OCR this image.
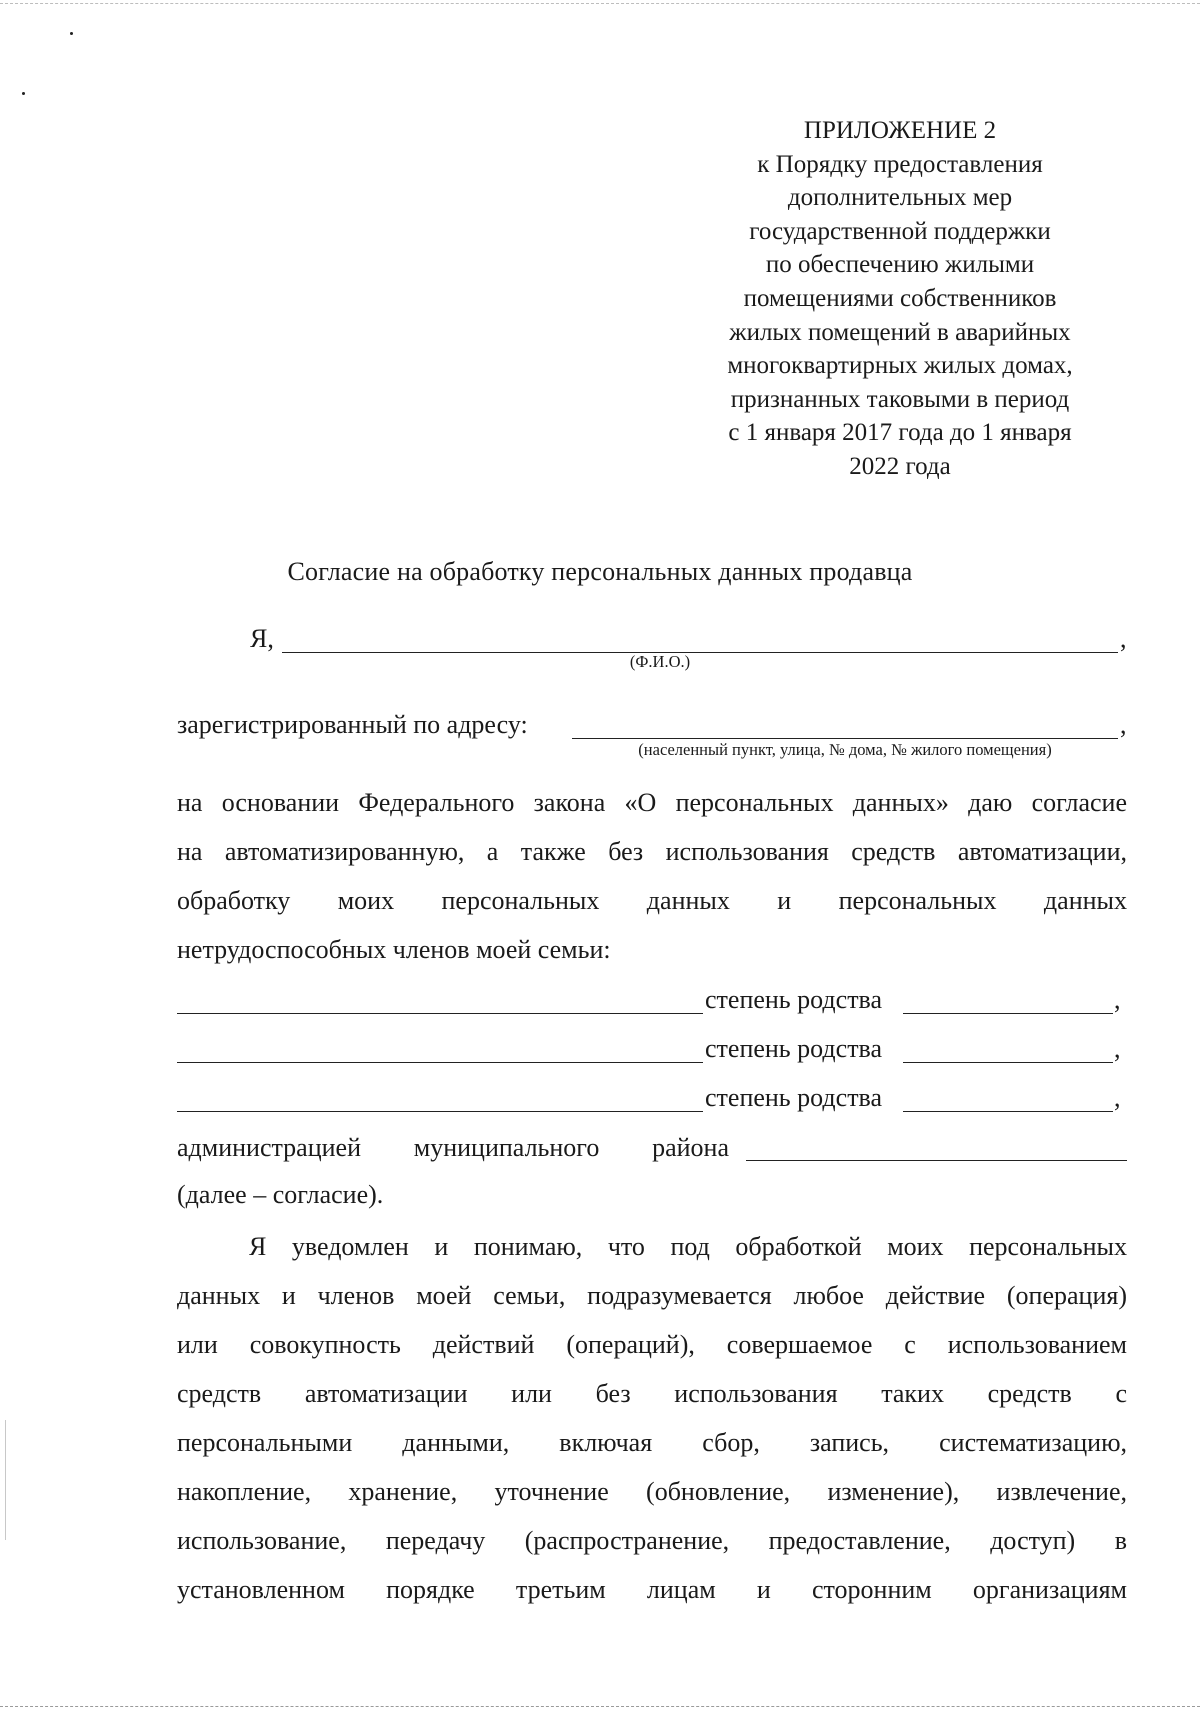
ПРИЛОЖЕНИЕ 2
к Порядку предоставления
дополнительных мер
государственной поддержки
по обеспечению жилыми
помещениями собственников
жилых помещений в аварийных
многоквартирных жилых домах,
признанных таковыми в период
с 1 января 2017 года до 1 января
2022 года
Согласие на обработку персональных данных продавца
Я,	,
(Ф.И.О.)
зарегистрированный по адресу:	,
(населенный пункт, улица, № дома, № жилого помещения)
на основании Федерального закона «О персональных данных» даю согласие
на автоматизированную, а также без использования средств автоматизации,
обработку моих персональных данных и персональных данных
нетрудоспособных членов моей семьи:
степень родства	,
степень родства	,
степень родства	,
администрацией муниципального района
(далее – согласие).
Я уведомлен и понимаю, что под обработкой моих персональных
данных и членов моей семьи, подразумевается любое действие (операция)
или совокупность действий (операций), совершаемое с использованием
средств автоматизации или без использования таких средств с
персональными данными, включая сбор, запись, систематизацию,
накопление, хранение, уточнение (обновление, изменение), извлечение,
использование, передачу (распространение, предоставление, доступ) в
установленном порядке третьим лицам и сторонним организациям
